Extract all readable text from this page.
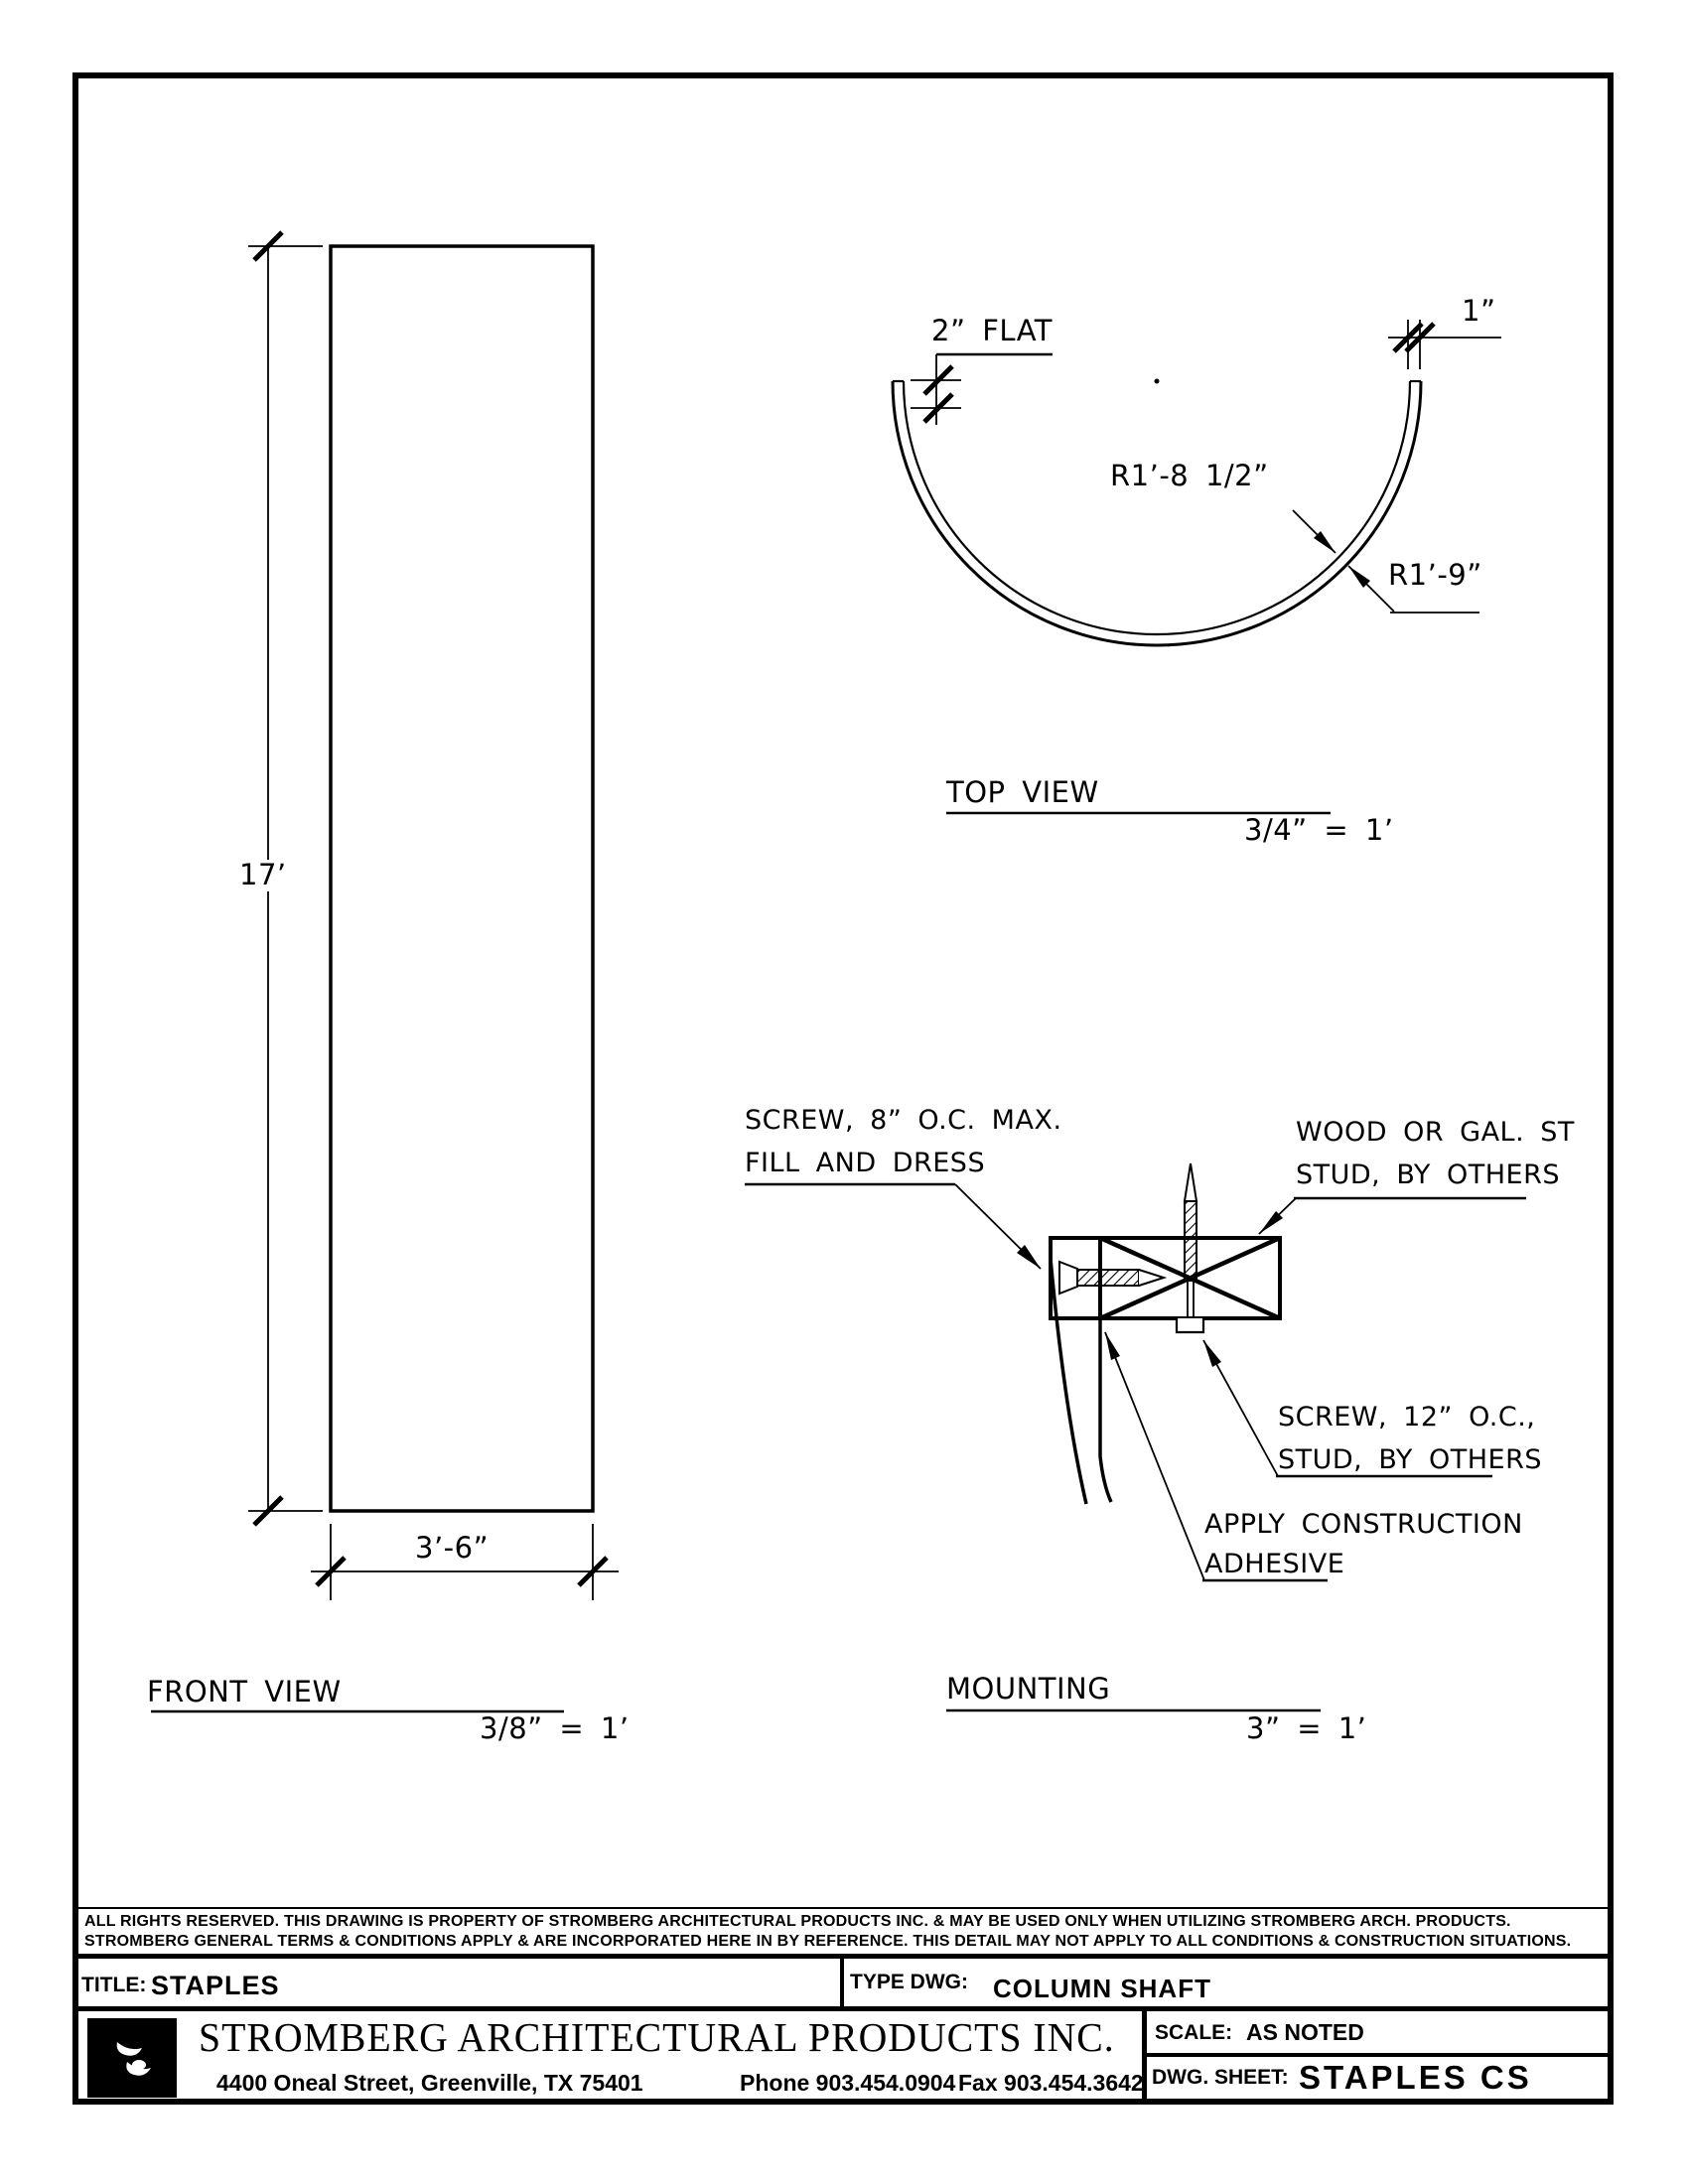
FRONT VIEW
3/8” = 1’
17’
3’-6”
TOP VIEW
3/4” = 1’
2” FLAT
1”
R1’-8 1/2”
R1’-9”
MOUNTING
3” = 1’
SCREW, 8” O.C. MAX.
FILL AND DRESS
WOOD OR GAL. ST
STUD, BY OTHERS
SCREW, 12” O.C.,
STUD, BY OTHERS
APPLY CONSTRUCTION
ADHESIVE
ALL RIGHTS RESERVED. THIS DRAWING IS PROPERTY OF STROMBERG ARCHITECTURAL PRODUCTS INC. & MAY BE USED ONLY WHEN UTILIZING STROMBERG ARCH. PRODUCTS.
STROMBERG GENERAL TERMS & CONDITIONS APPLY & ARE INCORPORATED HERE IN BY REFERENCE. THIS DETAIL MAY NOT APPLY TO ALL CONDITIONS & CONSTRUCTION SITUATIONS.
TITLE: STAPLES	TYPE DWG: COLUMN SHAFT
STROMBERG ARCHITECTURAL PRODUCTS INC.
4400 Oneal Street, Greenville, TX 75401	Phone 903.454.0904 Fax 903.454.3642
SCALE: AS NOTED
DWG. SHEET: STAPLES CS
